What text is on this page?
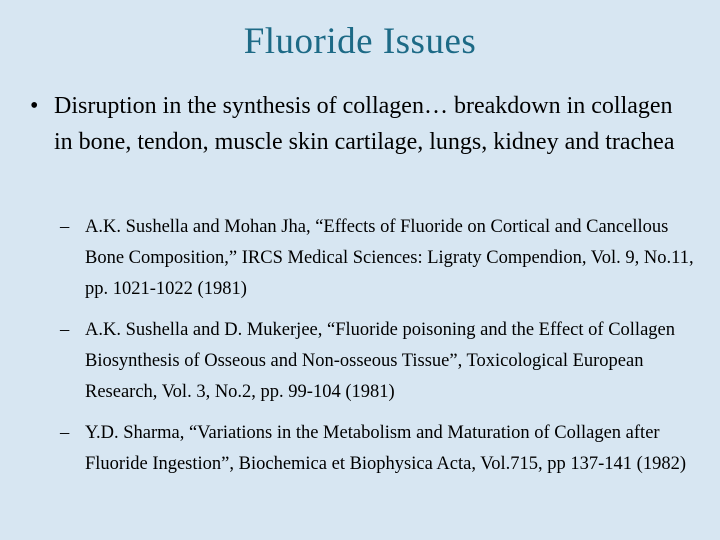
Fluoride Issues
• Disruption in the synthesis of collagen… breakdown in collagen in bone, tendon, muscle skin cartilage, lungs, kidney and trachea
– A.K. Sushella and Mohan Jha, “Effects of Fluoride on Cortical and Cancellous Bone Composition,” IRCS Medical Sciences: Ligraty Compendion, Vol. 9, No.11, pp. 1021-1022 (1981)
– A.K. Sushella and D. Mukerjee, “Fluoride poisoning and the Effect of Collagen Biosynthesis of Osseous and Non-osseous Tissue”, Toxicological European Research, Vol. 3, No.2, pp. 99-104 (1981)
– Y.D. Sharma, “Variations in the Metabolism and Maturation of Collagen after Fluoride Ingestion”, Biochemica et Biophysica Acta, Vol.715, pp 137-141 (1982)
